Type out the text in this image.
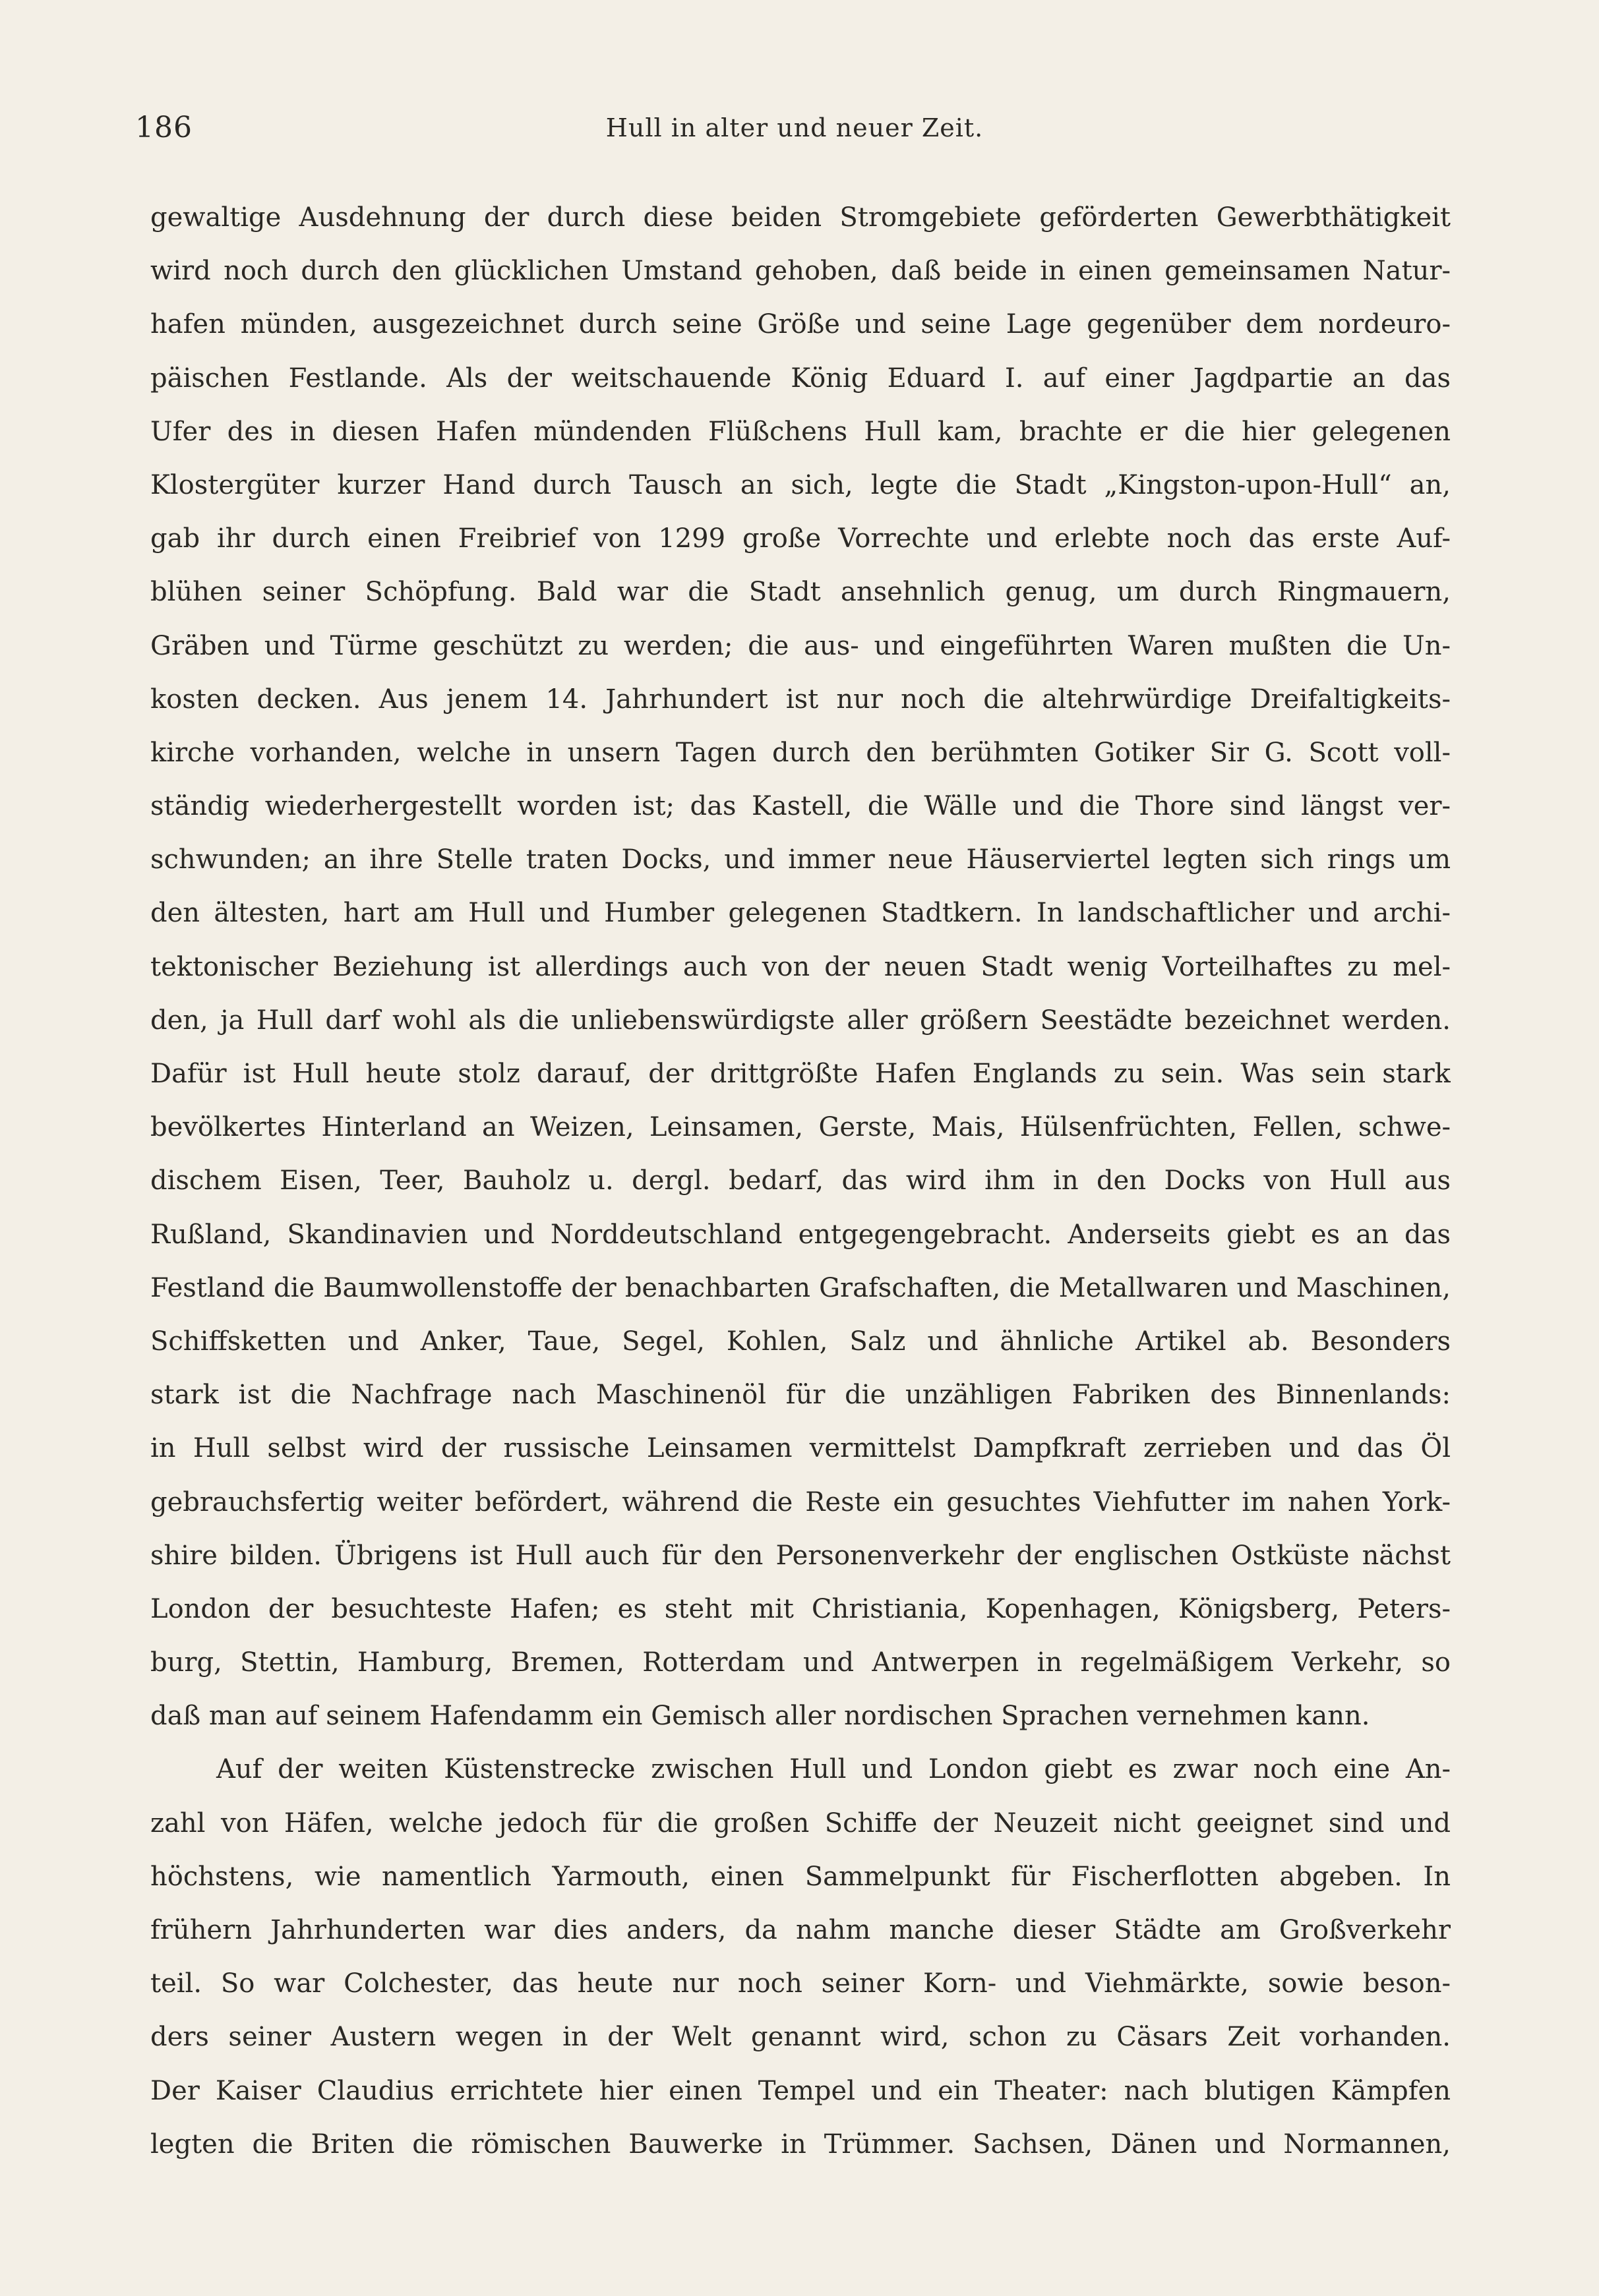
186	Hull in alter und neuer Zeit.
gewaltige Ausdehnung der durch diese beiden Stromgebiete geförderten Gewerbthätigkeit
wird noch durch den glücklichen Umstand gehoben, daß beide in einen gemeinsamen Natur-
hafen münden, ausgezeichnet durch seine Größe und seine Lage gegenüber dem nordeuro-
päischen Festlande. Als der weitschauende König Eduard I. auf einer Jagdpartie an das
Ufer des in diesen Hafen mündenden Flüßchens Hull kam, brachte er die hier gelegenen
Klostergüter kurzer Hand durch Tausch an sich, legte die Stadt „Kingston-upon-Hull“ an,
gab ihr durch einen Freibrief von 1299 große Vorrechte und erlebte noch das erste Auf-
blühen seiner Schöpfung. Bald war die Stadt ansehnlich genug, um durch Ringmauern,
Gräben und Türme geschützt zu werden; die aus- und eingeführten Waren mußten die Un-
kosten decken. Aus jenem 14. Jahrhundert ist nur noch die altehrwürdige Dreifaltigkeits-
kirche vorhanden, welche in unsern Tagen durch den berühmten Gotiker Sir G. Scott voll-
ständig wiederhergestellt worden ist; das Kastell, die Wälle und die Thore sind längst ver-
schwunden; an ihre Stelle traten Docks, und immer neue Häuserviertel legten sich rings um
den ältesten, hart am Hull und Humber gelegenen Stadtkern. In landschaftlicher und archi-
tektonischer Beziehung ist allerdings auch von der neuen Stadt wenig Vorteilhaftes zu mel-
den, ja Hull darf wohl als die unliebenswürdigste aller größern Seestädte bezeichnet werden.
Dafür ist Hull heute stolz darauf, der drittgrößte Hafen Englands zu sein. Was sein stark
bevölkertes Hinterland an Weizen, Leinsamen, Gerste, Mais, Hülsenfrüchten, Fellen, schwe-
dischem Eisen, Teer, Bauholz u. dergl. bedarf, das wird ihm in den Docks von Hull aus
Rußland, Skandinavien und Norddeutschland entgegengebracht. Anderseits giebt es an das
Festland die Baumwollenstoffe der benachbarten Grafschaften, die Metallwaren und Maschinen,
Schiffsketten und Anker, Taue, Segel, Kohlen, Salz und ähnliche Artikel ab. Besonders
stark ist die Nachfrage nach Maschinenöl für die unzähligen Fabriken des Binnenlands:
in Hull selbst wird der russische Leinsamen vermittelst Dampfkraft zerrieben und das Öl
gebrauchsfertig weiter befördert, während die Reste ein gesuchtes Viehfutter im nahen York-
shire bilden. Übrigens ist Hull auch für den Personenverkehr der englischen Ostküste nächst
London der besuchteste Hafen; es steht mit Christiania, Kopenhagen, Königsberg, Peters-
burg, Stettin, Hamburg, Bremen, Rotterdam und Antwerpen in regelmäßigem Verkehr, so
daß man auf seinem Hafendamm ein Gemisch aller nordischen Sprachen vernehmen kann.
Auf der weiten Küstenstrecke zwischen Hull und London giebt es zwar noch eine An-
zahl von Häfen, welche jedoch für die großen Schiffe der Neuzeit nicht geeignet sind und
höchstens, wie namentlich Yarmouth, einen Sammelpunkt für Fischerflotten abgeben. In
frühern Jahrhunderten war dies anders, da nahm manche dieser Städte am Großverkehr
teil. So war Colchester, das heute nur noch seiner Korn- und Viehmärkte, sowie beson-
ders seiner Austern wegen in der Welt genannt wird, schon zu Cäsars Zeit vorhanden.
Der Kaiser Claudius errichtete hier einen Tempel und ein Theater: nach blutigen Kämpfen
legten die Briten die römischen Bauwerke in Trümmer. Sachsen, Dänen und Normannen,
